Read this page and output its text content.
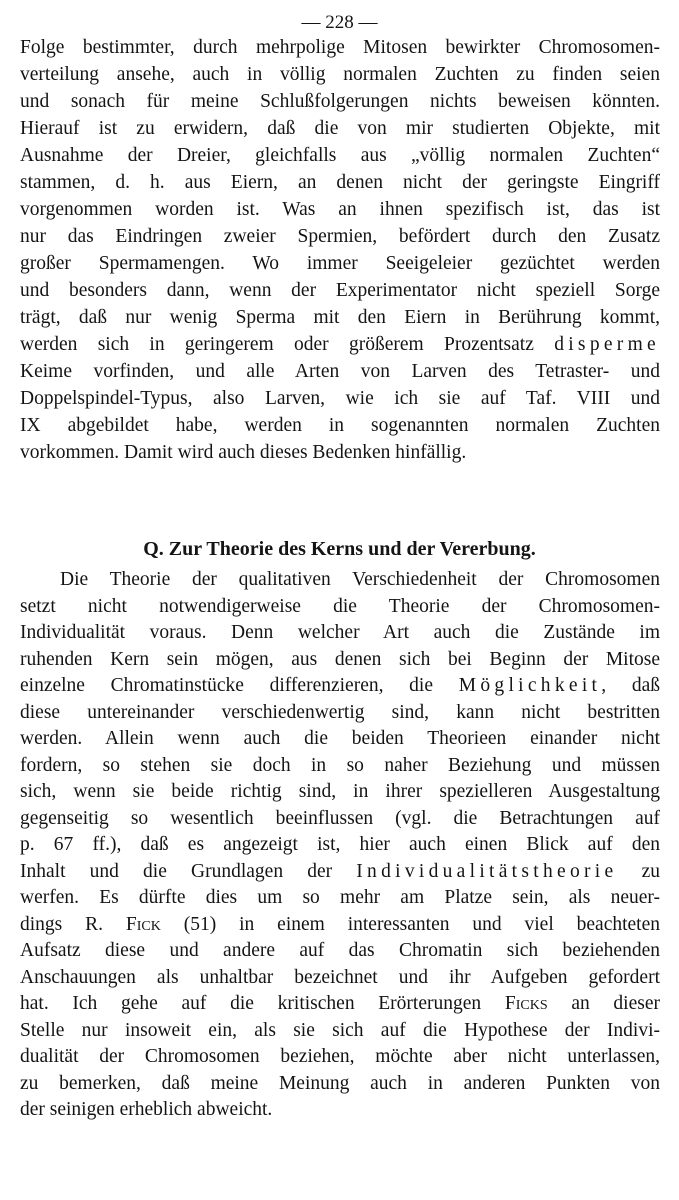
— 228 —
Folge bestimmter, durch mehrpolige Mitosen bewirkter Chromosomen-
verteilung ansehe, auch in völlig normalen Zuchten zu finden seien
und sonach für meine Schlußfolgerungen nichts beweisen könnten.
Hierauf ist zu erwidern, daß die von mir studierten Objekte, mit
Ausnahme der Dreier, gleichfalls aus „völlig normalen Zuchten“
stammen, d. h. aus Eiern, an denen nicht der geringste Eingriff
vorgenommen worden ist. Was an ihnen spezifisch ist, das ist
nur das Eindringen zweier Spermien, befördert durch den Zusatz
großer Spermamengen. Wo immer Seeigeleier gezüchtet werden
und besonders dann, wenn der Experimentator nicht speziell Sorge
trägt, daß nur wenig Sperma mit den Eiern in Berührung kommt,
werden sich in geringerem oder größerem Prozentsatz disperme
Keime vorfinden, und alle Arten von Larven des Tetraster- und
Doppelspindel-Typus, also Larven, wie ich sie auf Taf. VIII und
IX abgebildet habe, werden in sogenannten normalen Zuchten
vorkommen. Damit wird auch dieses Bedenken hinfällig.
Q. Zur Theorie des Kerns und der Vererbung.
Die Theorie der qualitativen Verschiedenheit der Chromosomen
setzt nicht notwendigerweise die Theorie der Chromosomen-
Individualität voraus. Denn welcher Art auch die Zustände im
ruhenden Kern sein mögen, aus denen sich bei Beginn der Mitose
einzelne Chromatinstücke differenzieren, die Möglichkeit, daß
diese untereinander verschiedenwertig sind, kann nicht bestritten
werden. Allein wenn auch die beiden Theorieen einander nicht
fordern, so stehen sie doch in so naher Beziehung und müssen
sich, wenn sie beide richtig sind, in ihrer spezielleren Ausgestaltung
gegenseitig so wesentlich beeinflussen (vgl. die Betrachtungen auf
p. 67 ff.), daß es angezeigt ist, hier auch einen Blick auf den
Inhalt und die Grundlagen der Individualitätstheorie zu
werfen. Es dürfte dies um so mehr am Platze sein, als neuer-
dings R. Fick (51) in einem interessanten und viel beachteten
Aufsatz diese und andere auf das Chromatin sich beziehenden
Anschauungen als unhaltbar bezeichnet und ihr Aufgeben gefordert
hat. Ich gehe auf die kritischen Erörterungen Ficks an dieser
Stelle nur insoweit ein, als sie sich auf die Hypothese der Indivi-
dualität der Chromosomen beziehen, möchte aber nicht unterlassen,
zu bemerken, daß meine Meinung auch in anderen Punkten von
der seinigen erheblich abweicht.
